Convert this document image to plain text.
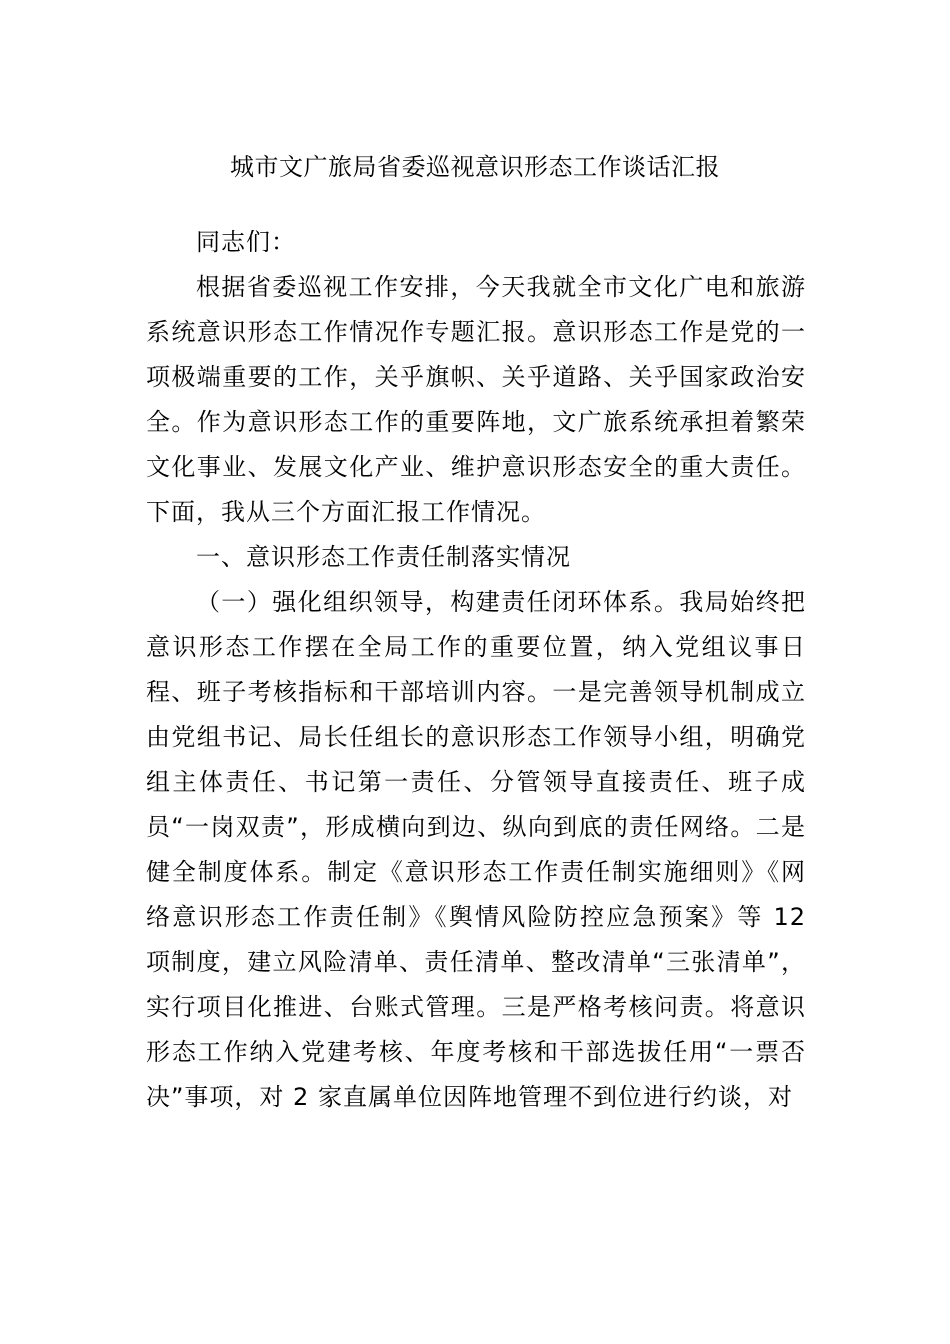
城市文广旅局省委巡视意识形态工作谈话汇报

同志们：

根据省委巡视工作安排，今天我就全市文化广电和旅游系统意识形态工作情况作专题汇报。意识形态工作是党的一项极端重要的工作，关乎旗帜、关乎道路、关乎国家政治安全。作为意识形态工作的重要阵地，文广旅系统承担着繁荣文化事业、发展文化产业、维护意识形态安全的重大责任。下面，我从三个方面汇报工作情况。

一、意识形态工作责任制落实情况

（一）强化组织领导，构建责任闭环体系。我局始终把意识形态工作摆在全局工作的重要位置，纳入党组议事日程、班子考核指标和干部培训内容。一是完善领导机制成立由党组书记、局长任组长的意识形态工作领导小组，明确党组主体责任、书记第一责任、分管领导直接责任、班子成员“一岗双责”，形成横向到边、纵向到底的责任网络。二是健全制度体系。制定《意识形态工作责任制实施细则》《网络意识形态工作责任制》《舆情风险防控应急预案》等 12 项制度，建立风险清单、责任清单、整改清单“三张清单”，实行项目化推进、台账式管理。三是严格考核问责。将意识形态工作纳入党建考核、年度考核和干部选拔任用“一票否决”事项，对 2 家直属单位因阵地管理不到位进行约谈，对
